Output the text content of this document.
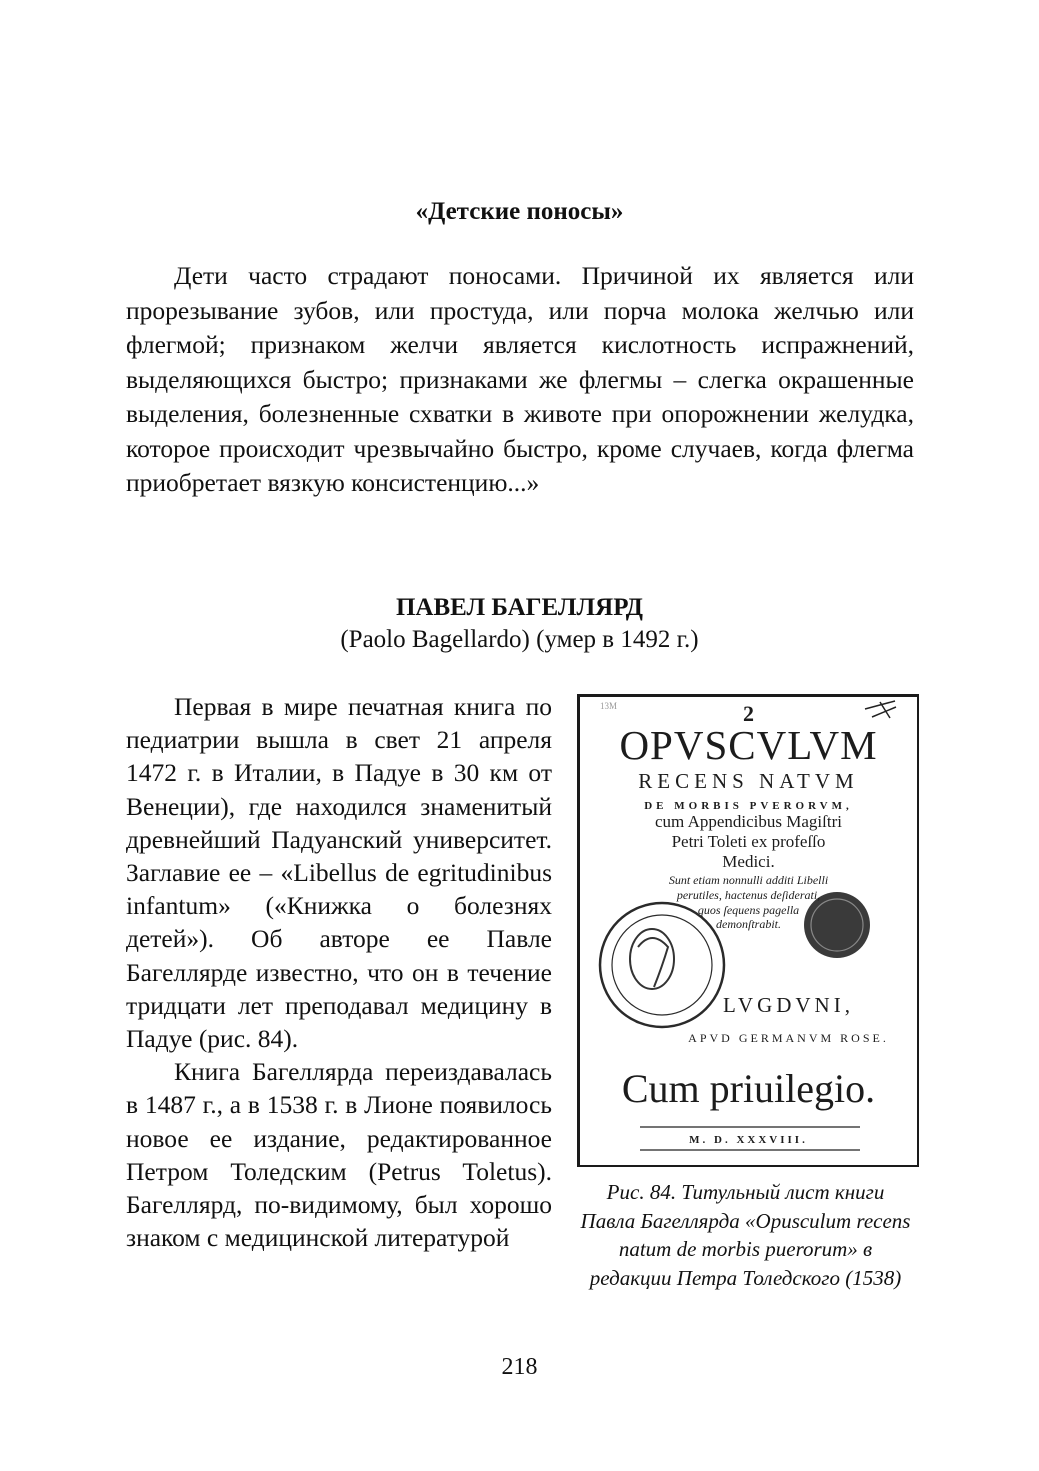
«Детские поносы»

Дети часто страдают поносами. Причиной их является или прорезывание зубов, или простуда, или порча молока желчью или флегмой; признаком желчи является кислотность испражнений, выделяющихся быстро; признаками же флегмы – слегка окрашенные выделения, болезненные схватки в животе при опорожнении желудка, которое происходит чрезвычайно быстро, кроме случаев, когда флегма приобретает вязкую консистенцию...»

ПАВЕЛ БАГЕЛЛЯРД
(Paolo Bagellardo) (умер в 1492 г.)

Первая в мире печатная книга по педиатрии вышла в свет 21 апреля 1472 г. в Италии, в Падуе в 30 км от Венеции), где находился знаменитый древнейший Падуанский университет. Заглавие ее – «Libellus de egritudinibus infantum» («Книжка о болезнях детей»). Об авторе ее Павле Багеллярде известно, что он в течение тридцати лет преподавал медицину в Падуе (рис. 84).

Книга Багеллярда переиздавалась в 1487 г., а в 1538 г. в Лионе появилось новое ее издание, редактированное Петром Толедским (Petrus Toletus). Багеллярд, по-видимому, был хорошо знаком с медицинской литературой

13M	2
OPVSCVLVM
RECENS NATVM
DE MORBIS PVERORVM,
cum Appendicibus Magiſtri
Petri Toleti ex profeſſo
Medici.
Sunt etiam nonnulli additi Libelli
perutiles, hactenus deſiderati,
quos ſequens pagella
demonſtrabit.
LVGDVNI,
APVD GERMANVM ROSE.
Cum priuilegio.
M. D. XXXVIII.
Рис. 84. Титульный лист книги Павла Багеллярда «Opusculum recens natum de morbis puerorum» в редакции Петра Толедского (1538)
218
